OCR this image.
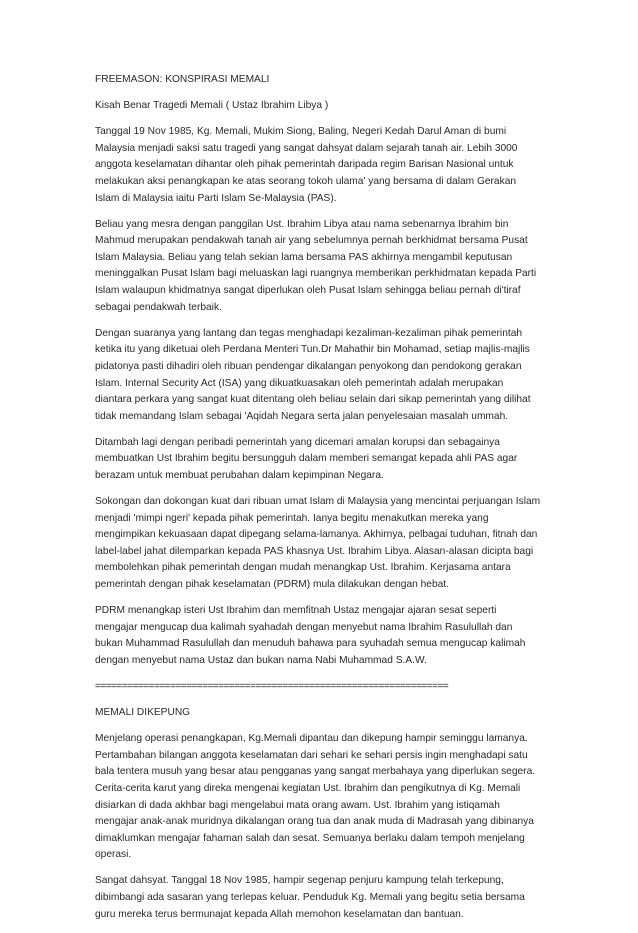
FREEMASON: KONSPIRASI MEMALI

Kisah Benar Tragedi Memali ( Ustaz Ibrahim Libya )

Tanggal 19 Nov 1985, Kg. Memali, Mukim Siong, Baling, Negeri Kedah Darul Aman di bumi
Malaysia menjadi saksi satu tragedi yang sangat dahsyat dalam sejarah tanah air. Lebih 3000
anggota keselamatan dihantar oleh pihak pemerintah daripada regim Barisan Nasional untuk
melakukan aksi penangkapan ke atas seorang tokoh ulama' yang bersama di dalam Gerakan
Islam di Malaysia iaitu Parti Islam Se-Malaysia (PAS).

Beliau yang mesra dengan panggilan Ust. Ibrahim Libya atau nama sebenarnya Ibrahim bin
Mahmud merupakan pendakwah tanah air yang sebelumnya pernah berkhidmat bersama Pusat
Islam Malaysia. Beliau yang telah sekian lama bersama PAS akhirnya mengambil keputusan
meninggalkan Pusat Islam bagi meluaskan lagi ruangnya memberikan perkhidmatan kepada Parti
Islam walaupun khidmatnya sangat diperlukan oleh Pusat Islam sehingga beliau pernah di'tiraf
sebagai pendakwah terbaik.

Dengan suaranya yang lantang dan tegas menghadapi kezaliman-kezaliman pihak pemerintah
ketika itu yang diketuai oleh Perdana Menteri Tun.Dr Mahathir bin Mohamad, setiap majlis-majlis
pidatonya pasti dihadiri oleh ribuan pendengar dikalangan penyokong dan pendokong gerakan
Islam. Internal Security Act (ISA) yang dikuatkuasakan oleh pemerintah adalah merupakan
diantara perkara yang sangat kuat ditentang oleh beliau selain dari sikap pemerintah yang dilihat
tidak memandang Islam sebagai 'Aqidah Negara serta jalan penyelesaian masalah ummah.

Ditambah lagi dengan peribadi pemerintah yang dicemari amalan korupsi dan sebagainya
membuatkan Ust Ibrahim begitu bersungguh dalam memberi semangat kepada ahli PAS agar
berazam untuk membuat perubahan dalam kepimpinan Negara.

Sokongan dan dokongan kuat dari ribuan umat Islam di Malaysia yang mencintai perjuangan Islam
menjadi 'mimpi ngeri' kepada pihak pemerintah. Ianya begitu menakutkan mereka yang
mengimpikan kekuasaan dapat dipegang selama-lamanya. Akhirnya, pelbagai tuduhan, fitnah dan
label-label jahat dilemparkan kepada PAS khasnya Ust. Ibrahim Libya. Alasan-alasan dicipta bagi
membolehkan pihak pemerintah dengan mudah menangkap Ust. Ibrahim. Kerjasama antara
pemerintah dengan pihak keselamatan (PDRM) mula dilakukan dengan hebat.

PDRM menangkap isteri Ust Ibrahim dan memfitnah Ustaz mengajar ajaran sesat seperti
mengajar mengucap dua kalimah syahadah dengan menyebut nama Ibrahim Rasulullah dan
bukan Muhammad Rasulullah dan menuduh bahawa para syuhadah semua mengucap kalimah
dengan menyebut nama Ustaz dan bukan nama Nabi Muhammad S.A.W.

==================================================================
MEMALI DIKEPUNG

Menjelang operasi penangkapan, Kg.Memali dipantau dan dikepung hampir seminggu lamanya.
Pertambahan bilangan anggota keselamatan dari sehari ke sehari persis ingin menghadapi satu
bala tentera musuh yang besar atau pengganas yang sangat merbahaya yang diperlukan segera.
Cerita-cerita karut yang direka mengenai kegiatan Ust. Ibrahim dan pengikutnya di Kg. Memali
disiarkan di dada akhbar bagi mengelabui mata orang awam. Ust. Ibrahim yang istiqamah
mengajar anak-anak muridnya dikalangan orang tua dan anak muda di Madrasah yang dibinanya
dimaklumkan mengajar fahaman salah dan sesat. Semuanya berlaku dalam tempoh menjelang
operasi.

Sangat dahsyat. Tanggal 18 Nov 1985, hampir segenap penjuru kampung telah terkepung,
dibimbangi ada sasaran yang terlepas keluar. Penduduk Kg. Memali yang begitu setia bersama
guru mereka terus bermunajat kepada Allah memohon keselamatan dan bantuan.
